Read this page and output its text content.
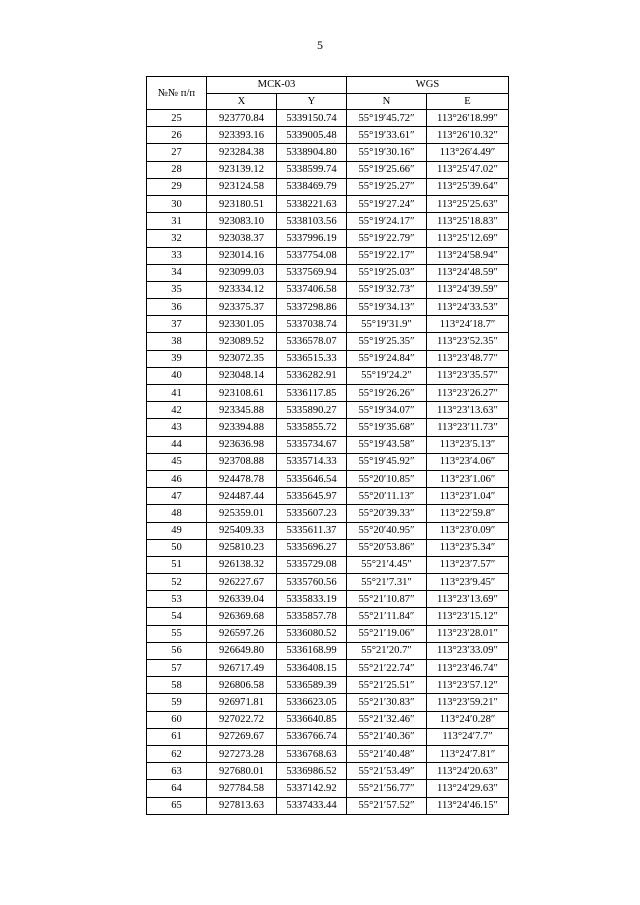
5
№№ п/п	МСК-03		WGS	
	X	Y	N	E
25	923770.84	5339150.74	55°19′45.72″	113°26′18.99″
26	923393.16	5339005.48	55°19′33.61″	113°26′10.32″
27	923284.38	5338904.80	55°19′30.16″	113°26′4.49″
28	923139.12	5338599.74	55°19′25.66″	113°25′47.02″
29	923124.58	5338469.79	55°19′25.27″	113°25′39.64″
30	923180.51	5338221.63	55°19′27.24″	113°25′25.63″
31	923083.10	5338103.56	55°19′24.17″	113°25′18.83″
32	923038.37	5337996.19	55°19′22.79″	113°25′12.69″
33	923014.16	5337754.08	55°19′22.17″	113°24′58.94″
34	923099.03	5337569.94	55°19′25.03″	113°24′48.59″
35	923334.12	5337406.58	55°19′32.73″	113°24′39.59″
36	923375.37	5337298.86	55°19′34.13″	113°24′33.53″
37	923301.05	5337038.74	55°19′31.9″	113°24′18.7″
38	923089.52	5336578.07	55°19′25.35″	113°23′52.35″
39	923072.35	5336515.33	55°19′24.84″	113°23′48.77″
40	923048.14	5336282.91	55°19′24.2″	113°23′35.57″
41	923108.61	5336117.85	55°19′26.26″	113°23′26.27″
42	923345.88	5335890.27	55°19′34.07″	113°23′13.63″
43	923394.88	5335855.72	55°19′35.68″	113°23′11.73″
44	923636.98	5335734.67	55°19′43.58″	113°23′5.13″
45	923708.88	5335714.33	55°19′45.92″	113°23′4.06″
46	924478.78	5335646.54	55°20′10.85″	113°23′1.06″
47	924487.44	5335645.97	55°20′11.13″	113°23′1.04″
48	925359.01	5335607.23	55°20′39.33″	113°22′59.8″
49	925409.33	5335611.37	55°20′40.95″	113°23′0.09″
50	925810.23	5335696.27	55°20′53.86″	113°23′5.34″
51	926138.32	5335729.08	55°21′4.45″	113°23′7.57″
52	926227.67	5335760.56	55°21′7.31″	113°23′9.45″
53	926339.04	5335833.19	55°21′10.87″	113°23′13.69″
54	926369.68	5335857.78	55°21′11.84″	113°23′15.12″
55	926597.26	5336080.52	55°21′19.06″	113°23′28.01″
56	926649.80	5336168.99	55°21′20.7″	113°23′33.09″
57	926717.49	5336408.15	55°21′22.74″	113°23′46.74″
58	926806.58	5336589.39	55°21′25.51″	113°23′57.12″
59	926971.81	5336623.05	55°21′30.83″	113°23′59.21″
60	927022.72	5336640.85	55°21′32.46″	113°24′0.28″
61	927269.67	5336766.74	55°21′40.36″	113°24′7.7″
62	927273.28	5336768.63	55°21′40.48″	113°24′7.81″
63	927680.01	5336986.52	55°21′53.49″	113°24′20.63″
64	927784.58	5337142.92	55°21′56.77″	113°24′29.63″
65	927813.63	5337433.44	55°21′57.52″	113°24′46.15″
